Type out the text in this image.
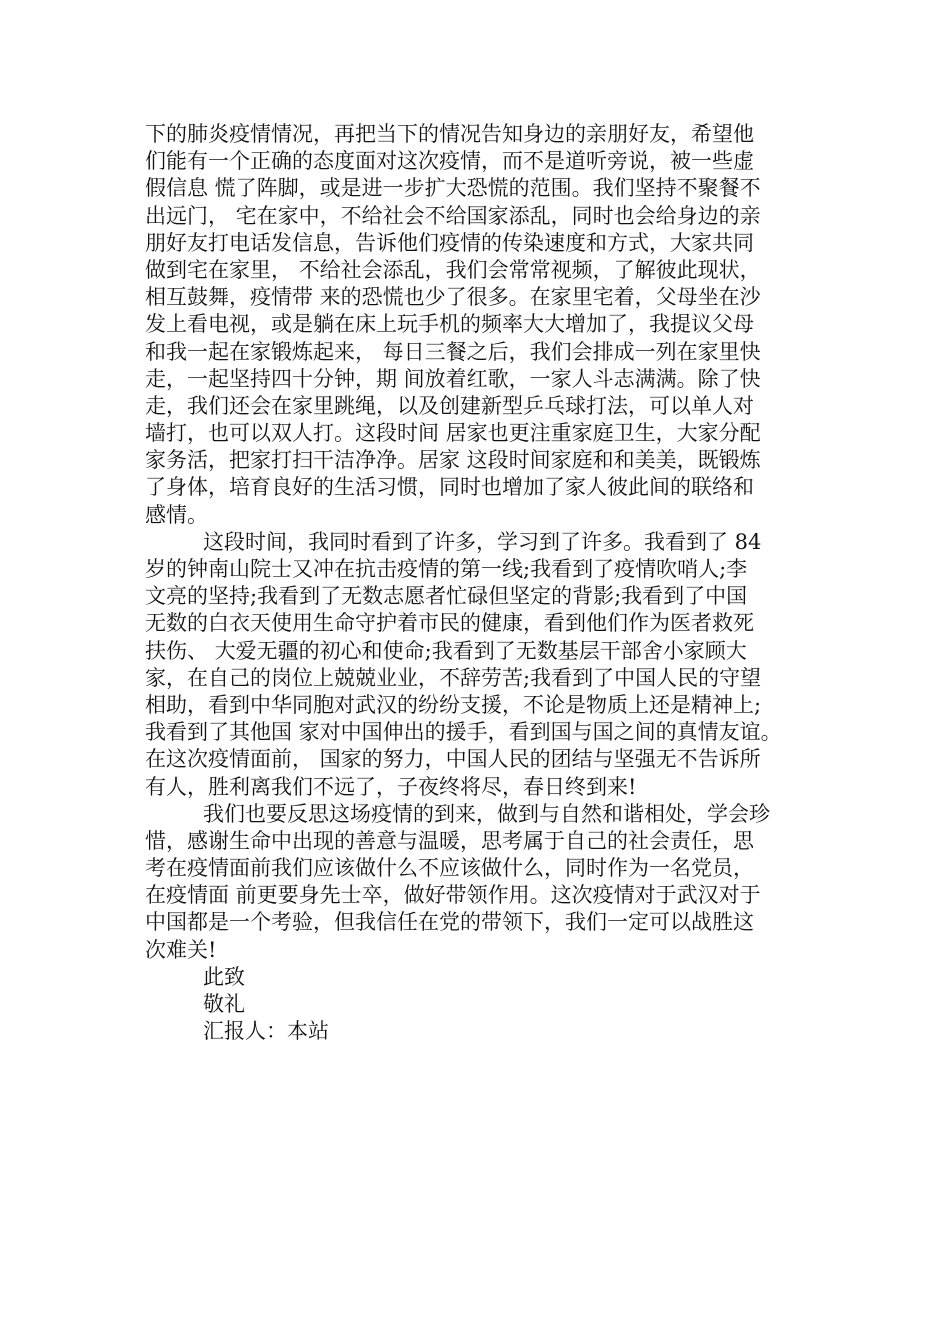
下的肺炎疫情情况，再把当下的情况告知身边的亲朋好友，希望他
们能有一个正确的态度面对这次疫情，而不是道听旁说，被一些虚
假信息 慌了阵脚，或是进一步扩大恐慌的范围。我们坚持不聚餐不
出远门， 宅在家中，不给社会不给国家添乱，同时也会给身边的亲
朋好友打电话发信息，告诉他们疫情的传染速度和方式，大家共同
做到宅在家里， 不给社会添乱，我们会常常视频，了解彼此现状，
相互鼓舞，疫情带 来的恐慌也少了很多。在家里宅着，父母坐在沙
发上看电视，或是躺在床上玩手机的频率大大增加了，我提议父母
和我一起在家锻炼起来， 每日三餐之后，我们会排成一列在家里快
走，一起坚持四十分钟，期 间放着红歌，一家人斗志满满。除了快
走，我们还会在家里跳绳，以及创建新型乒乓球打法，可以单人对
墙打，也可以双人打。这段时间 居家也更注重家庭卫生，大家分配
家务活，把家打扫干洁净净。居家 这段时间家庭和和美美，既锻炼
了身体，培育良好的生活习惯，同时也增加了家人彼此间的联络和
感情。
这段时间，我同时看到了许多，学习到了许多。我看到了 84
岁的钟南山院士又冲在抗击疫情的第一线;我看到了疫情吹哨人;李
文亮的坚持;我看到了无数志愿者忙碌但坚定的背影;我看到了中国
无数的白衣天使用生命守护着市民的健康，看到他们作为医者救死
扶伤、 大爱无疆的初心和使命;我看到了无数基层干部舍小家顾大
家，在自己的岗位上兢兢业业，不辞劳苦;我看到了中国人民的守望
相助，看到中华同胞对武汉的纷纷支援，不论是物质上还是精神上;
我看到了其他国 家对中国伸出的援手，看到国与国之间的真情友谊。
在这次疫情面前， 国家的努力，中国人民的团结与坚强无不告诉所
有人，胜利离我们不远了，子夜终将尽，春日终到来!
我们也要反思这场疫情的到来，做到与自然和谐相处，学会珍
惜，感谢生命中出现的善意与温暖，思考属于自己的社会责任，思
考在疫情面前我们应该做什么不应该做什么，同时作为一名党员，
在疫情面 前更要身先士卒，做好带领作用。这次疫情对于武汉对于
中国都是一个考验，但我信任在党的带领下，我们一定可以战胜这
次难关!
此致
敬礼
汇报人：本站
